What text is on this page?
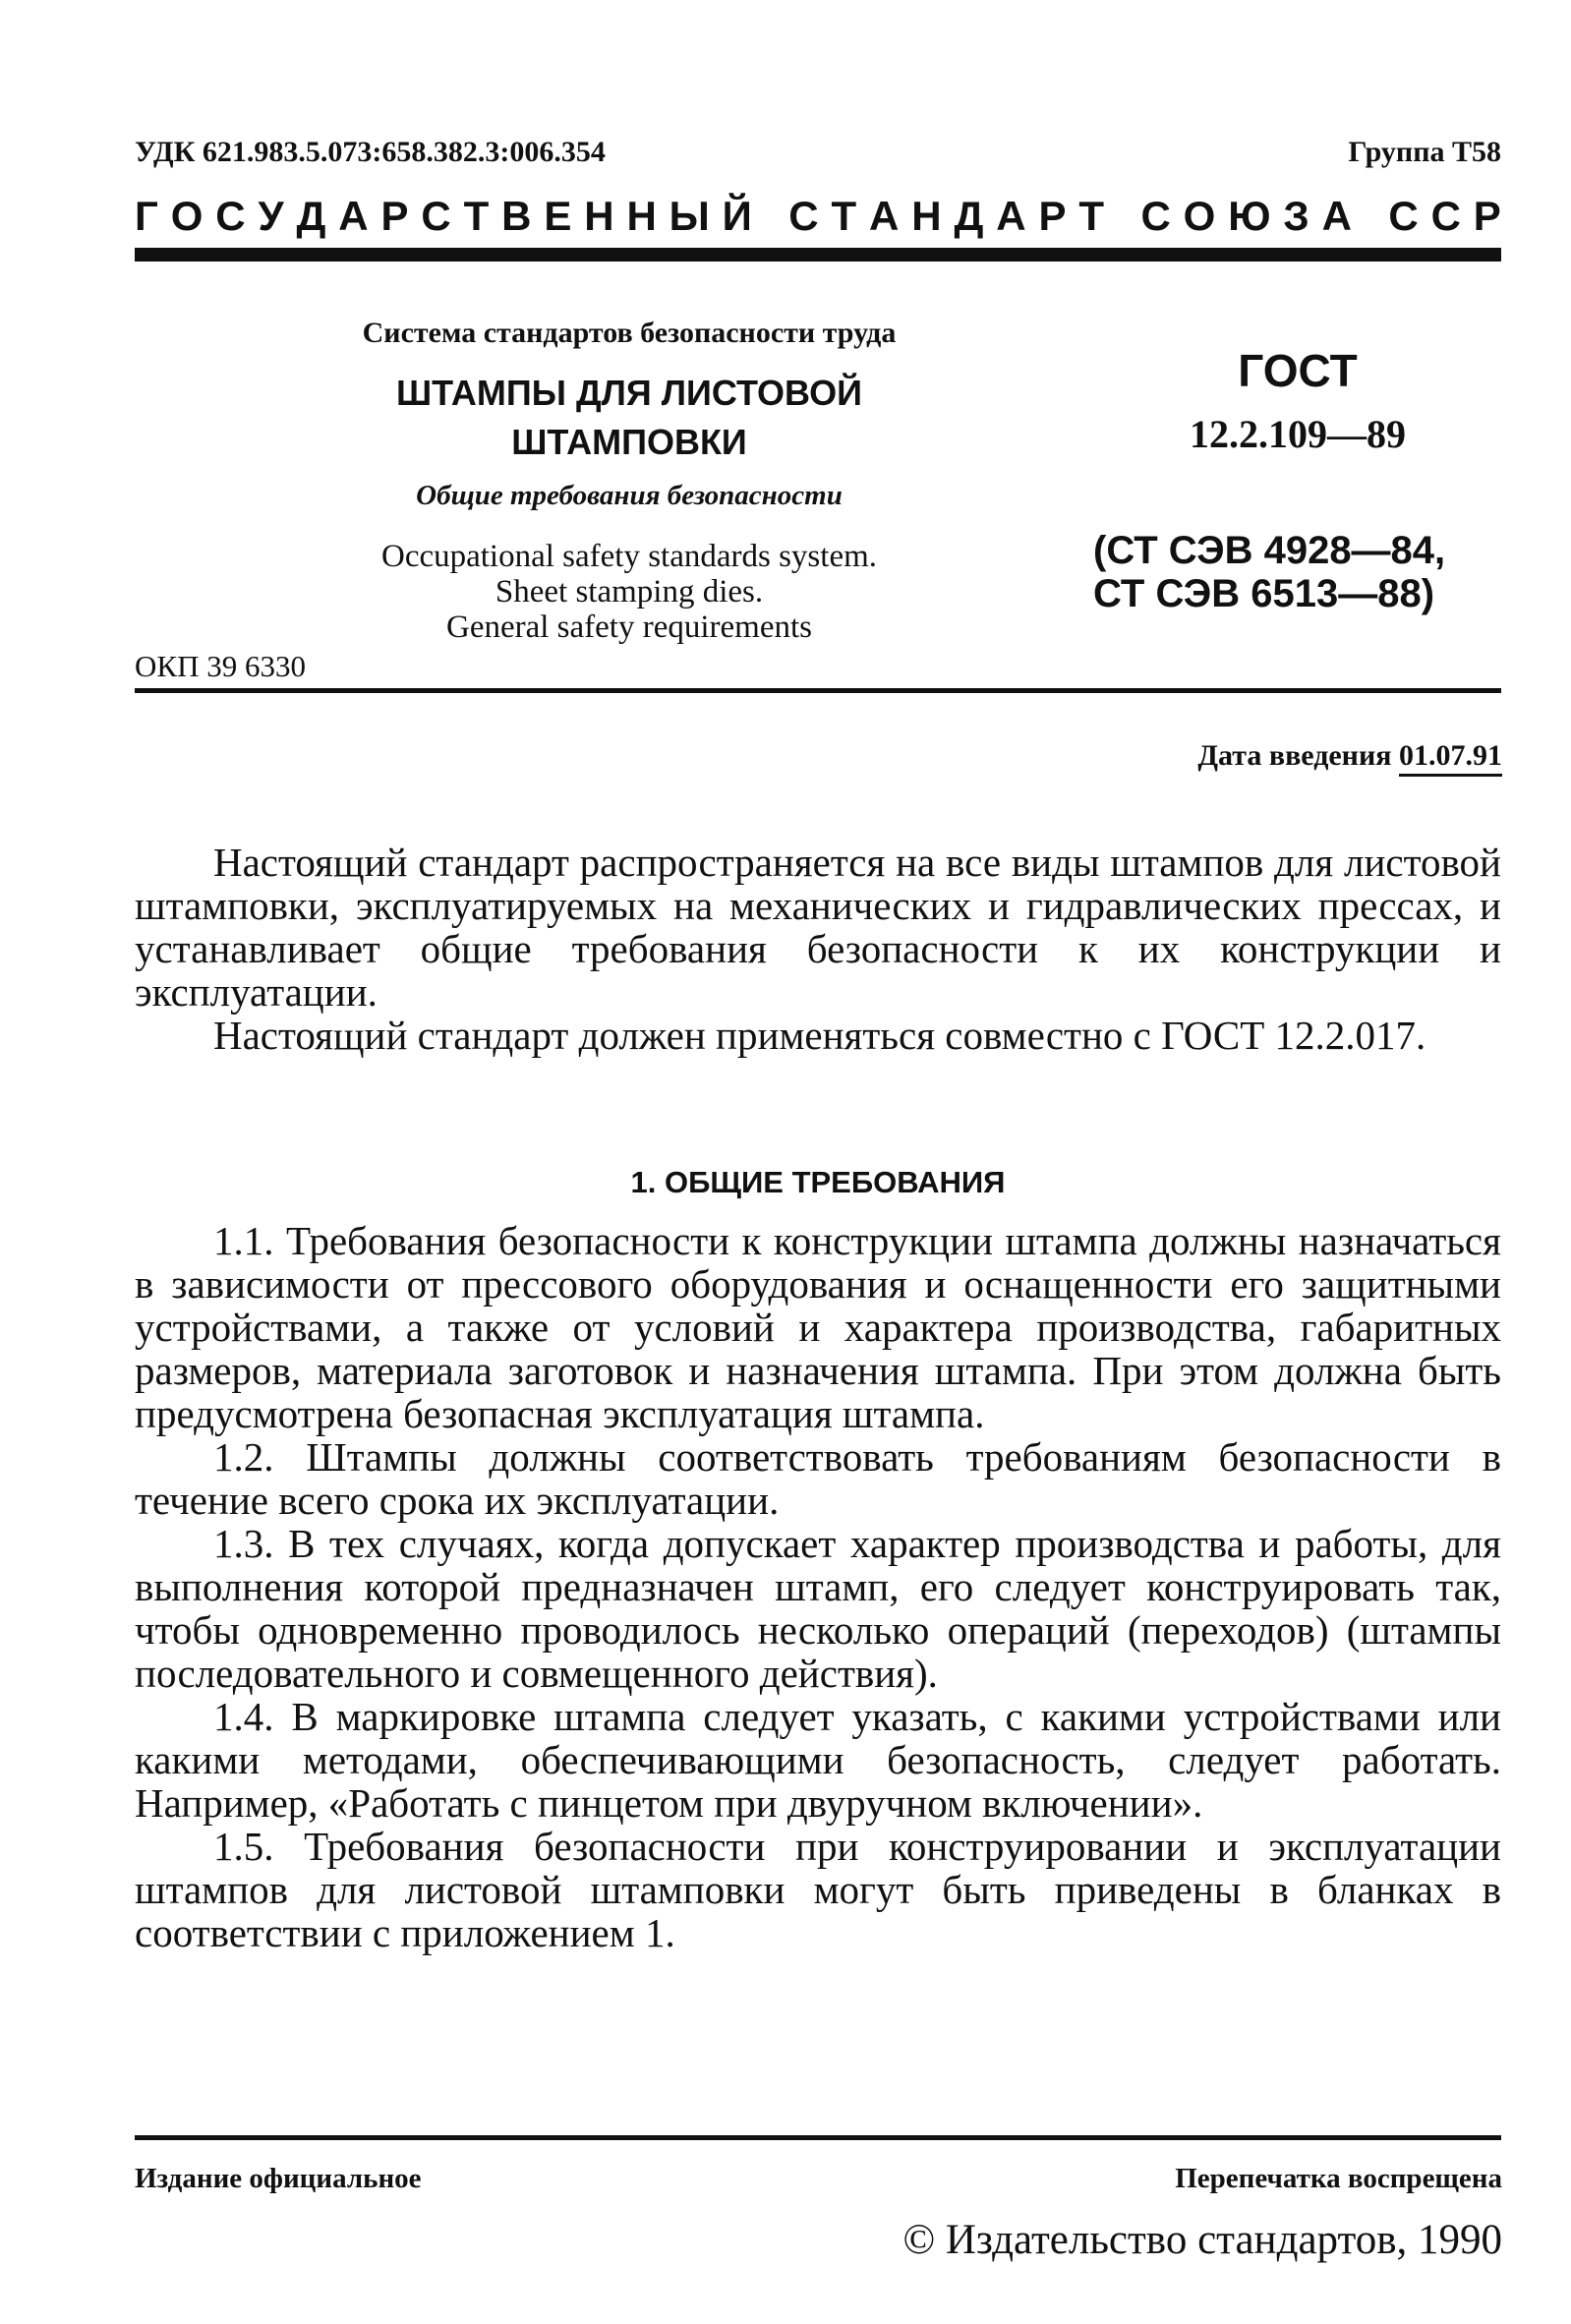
УДК 621.983.5.073:658.382.3:006.354	Группа Т58
Г О С У Д А Р С Т В Е Н Н Ы Й
С Т А Н Д А Р Т
С О Ю З А
С С Р
Система стандартов безопасности труда
ШТАМПЫ ДЛЯ ЛИСТОВОЙ
ШТАМПОВКИ
Общие требования безопасности
Occupational safety standards system.
Sheet stamping dies.
General safety requirements
ОКП 39 6330
ГОСТ
12.2.109—89
(СТ СЭВ 4928—84,
СТ СЭВ 6513—88)
Дата введения 01.07.91

Настоящий стандарт распространяется на все виды штампов для листовой штамповки, эксплуатируемых на механических и гидравлических прессах, и устанавливает общие требования безопасности к их конструкции и эксплуатации.

Настоящий стандарт должен применяться совместно с ГОСТ 12.2.017.

1. ОБЩИЕ ТРЕБОВАНИЯ

1.1. Требования безопасности к конструкции штампа должны назначаться в зависимости от прессового оборудования и оснащенности его защитными устройствами, а также от условий и характера производства, габаритных размеров, материала заготовок и назначения штампа. При этом должна быть предусмотрена безопасная эксплуатация штампа.

1.2. Штампы должны соответствовать требованиям безопасности в течение всего срока их эксплуатации.

1.3. В тех случаях, когда допускает характер производства и работы, для выполнения которой предназначен штамп, его следует конструировать так, чтобы одновременно проводилось несколько операций (переходов) (штампы последовательного и совмещенного действия).

1.4. В маркировке штампа следует указать, с какими устройствами или какими методами, обеспечивающими безопасность, следует работать. Например, «Работать с пинцетом при двуручном включении».

1.5. Требования безопасности при конструировании и эксплуатации штампов для листовой штамповки могут быть приведены в бланках в соответствии с приложением 1.

Издание официальное	Перепечатка воспрещена
© Издательство стандартов, 1990
